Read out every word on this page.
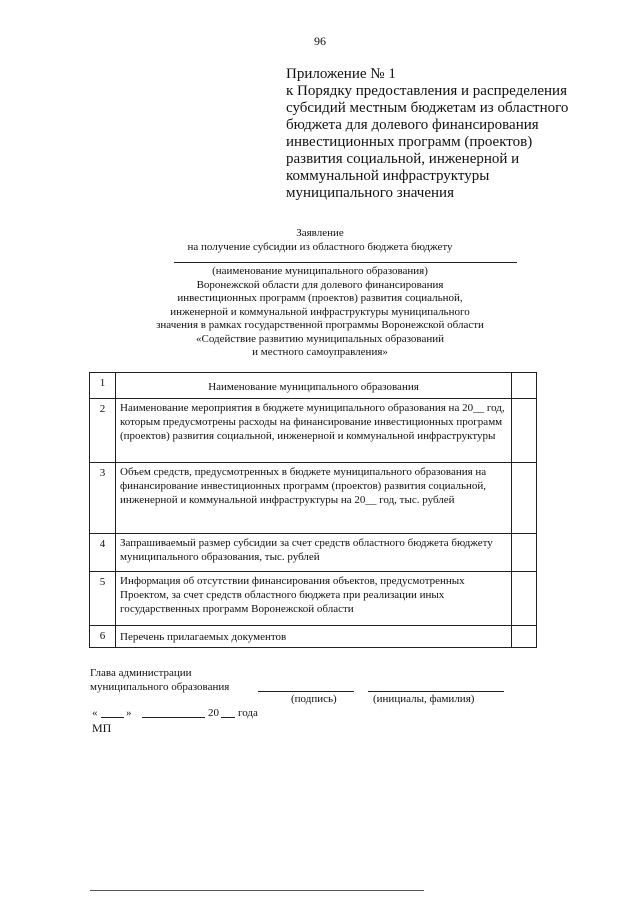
96
Приложение № 1
к Порядку предоставления и распределения
субсидий местным бюджетам из областного
бюджета для долевого финансирования
инвестиционных программ (проектов)
развития социальной, инженерной и
коммунальной инфраструктуры
муниципального значения
Заявление
на получение субсидии из областного бюджета бюджету
(наименование муниципального образования)
Воронежской области для долевого финансирования
инвестиционных программ (проектов) развития социальной,
инженерной и коммунальной инфраструктуры муниципального
значения в рамках государственной программы Воронежской области
«Содействие развитию муниципальных образований
и местного самоуправления»
1	Наименование муниципального образования	
2	Наименование мероприятия в бюджете муниципального образования на 20__ год, которым предусмотрены расходы на финансирование инвестиционных программ (проектов) развития социальной, инженерной и коммунальной инфраструктуры	
3	Объем средств, предусмотренных в бюджете муниципального образования на финансирование инвестиционных программ (проектов) развития социальной, инженерной и коммунальной инфраструктуры на 20__ год, тыс. рублей	
4	Запрашиваемый размер субсидии за счет средств областного бюджета бюджету муниципального образования, тыс. рублей	
5	Информация об отсутствии финансирования объектов, предусмотренных Проектом, за счет средств областного бюджета при реализации иных государственных программ Воронежской области	
6	Перечень прилагаемых документов	
Глава администрации
муниципального образования
(подпись)	(инициалы, фамилия)
«	»	20 года
МП
